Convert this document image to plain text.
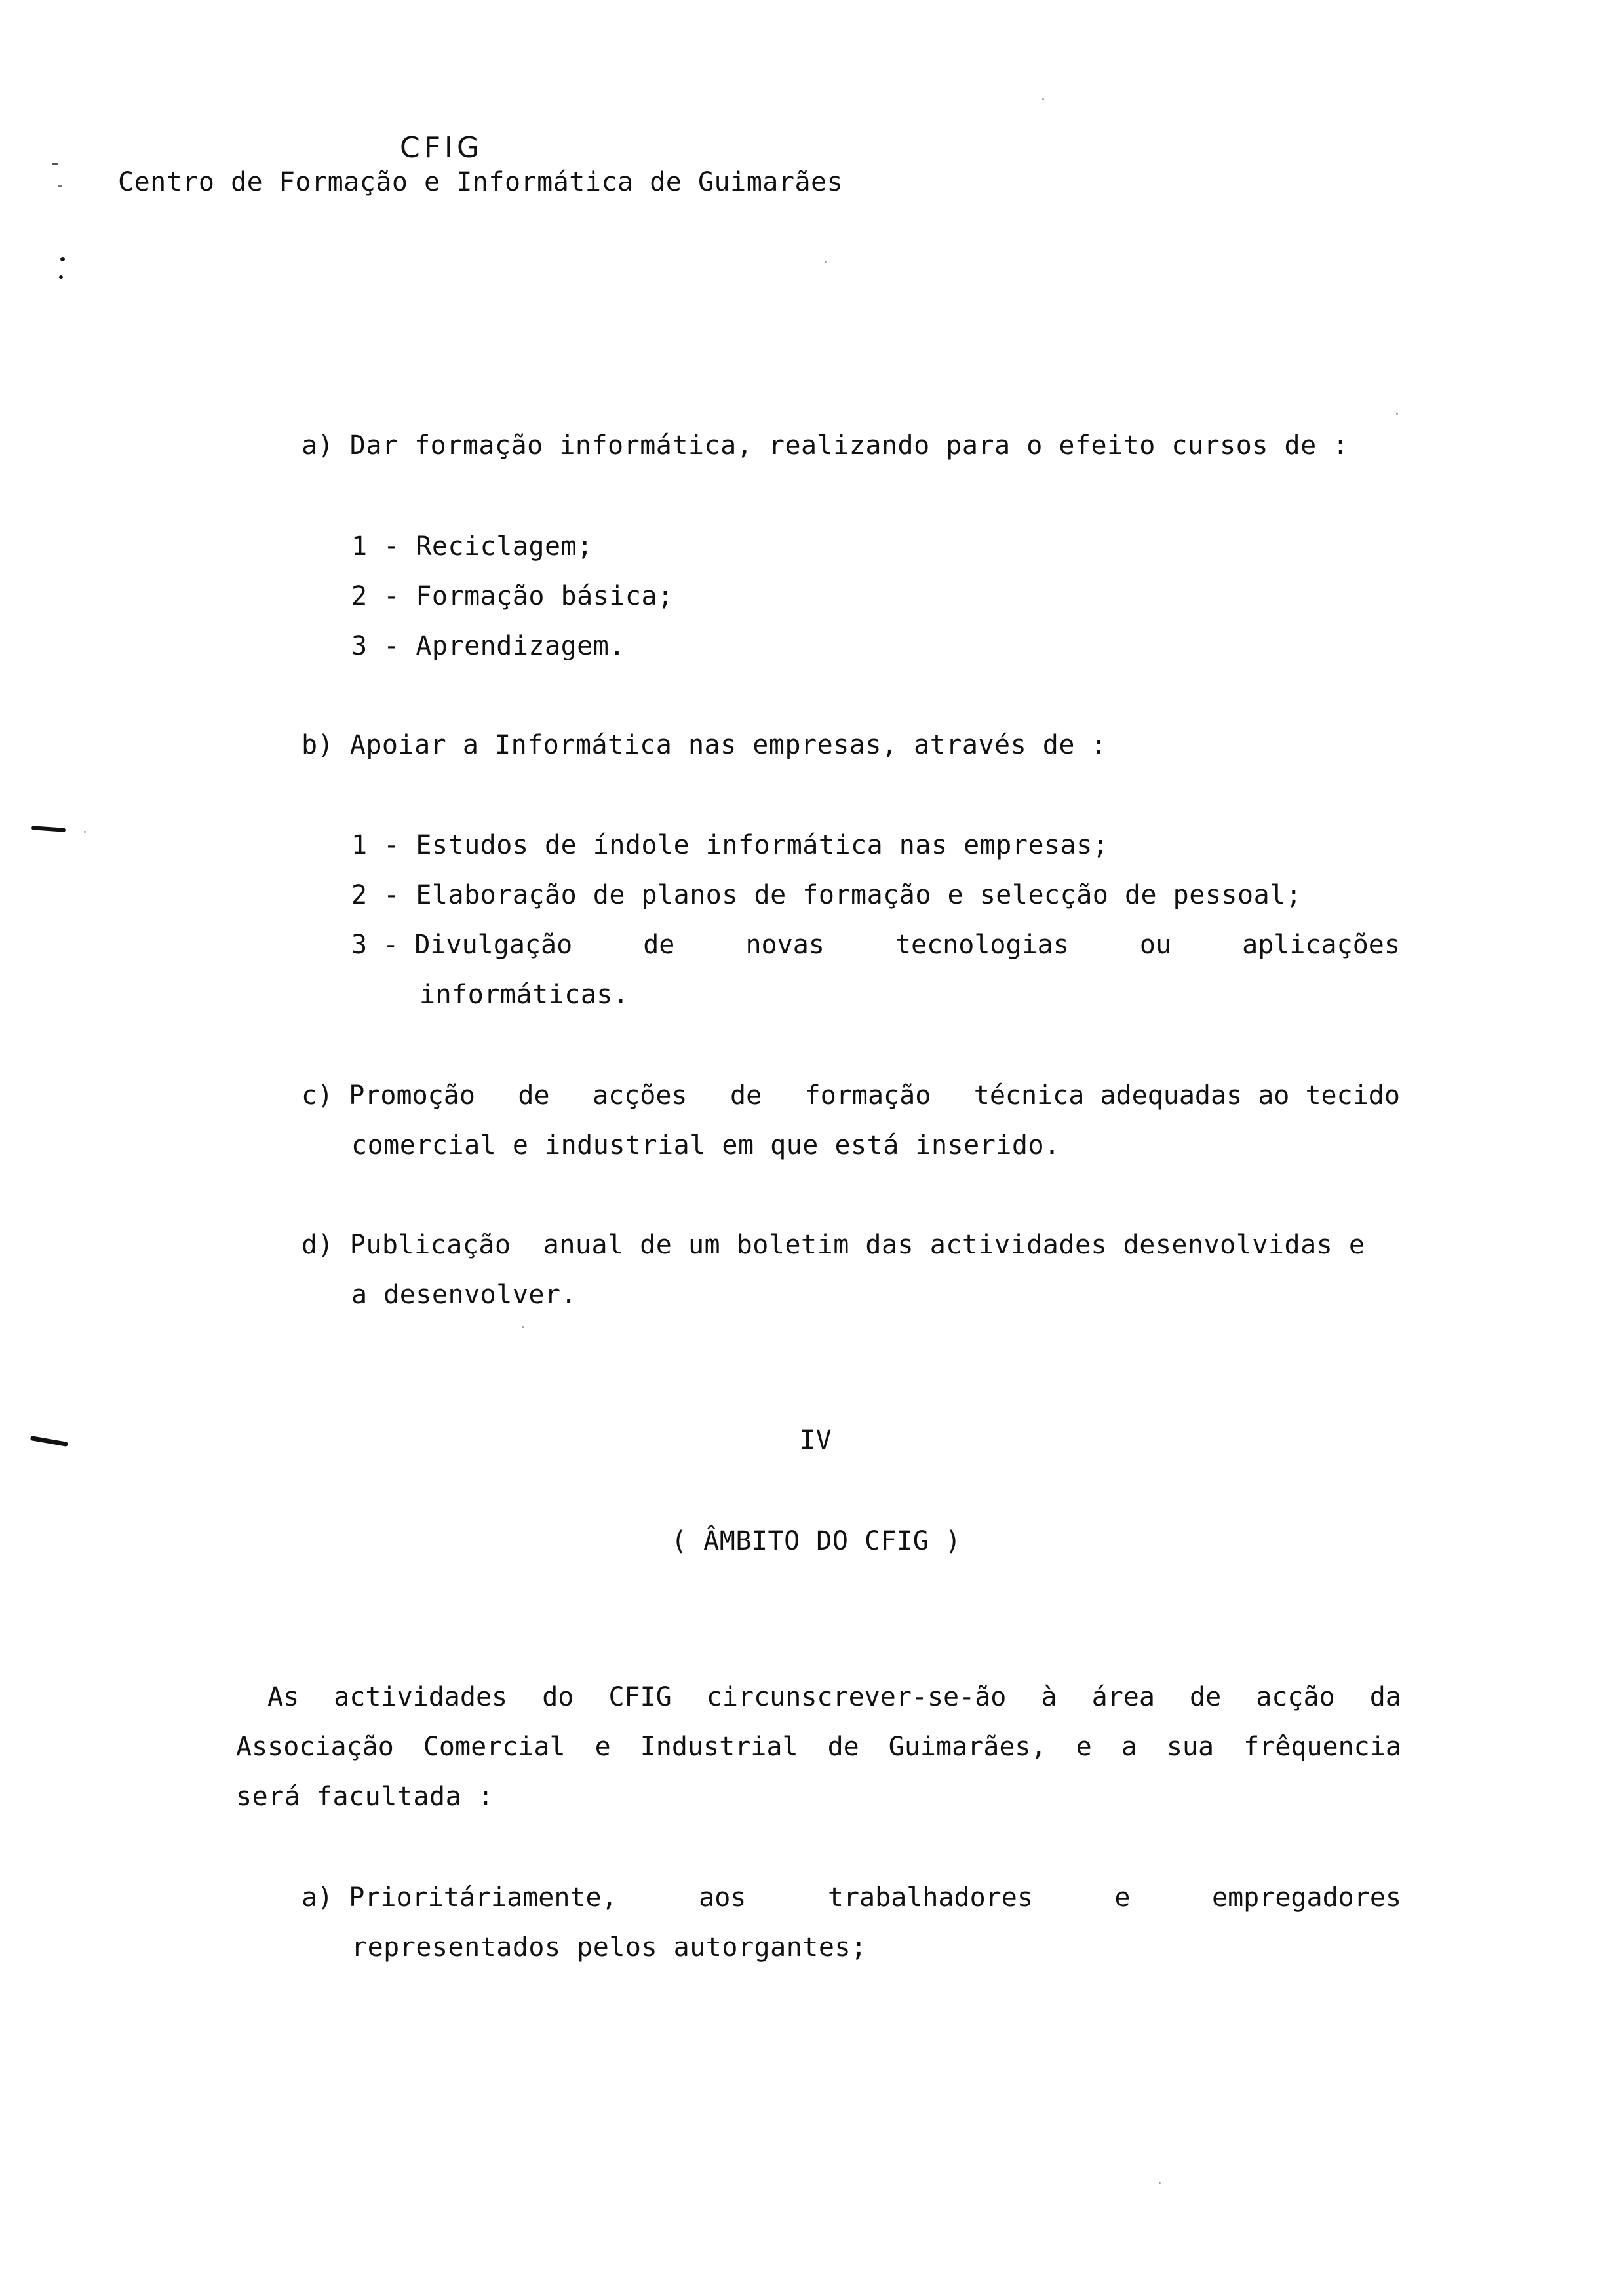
CFIG
Centro de Formação e Informática de Guimarães
a) Dar formação informática, realizando para o efeito cursos de :
1 - Reciclagem;
2 - Formação básica;
3 - Aprendizagem.
b) Apoiar a Informática nas empresas, através de :
1 - Estudos de índole informática nas empresas;
2 - Elaboração de planos de formação e selecção de pessoal;
3 - Divulgação	de	novas	tecnologias	ou	aplicações
informáticas.
c) Promoção de acções de formação técnica adequadas ao tecido
comercial e industrial em que está inserido.
d) Publicação  anual de um boletim das actividades desenvolvidas e
a desenvolver.
IV
( ÂMBITO DO CFIG )
As actividades do CFIG circunscrever-se-ão à área de acção da
Associação Comercial e Industrial de Guimarães, e a sua frêquencia
será facultada :
a) Prioritáriamente,	aos	trabalhadores	e	empregadores
representados pelos autorgantes;
